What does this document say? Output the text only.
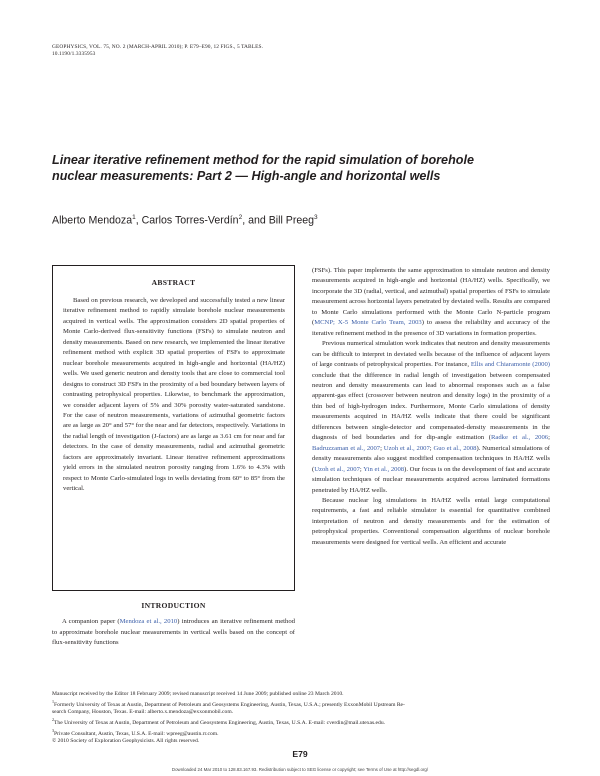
GEOPHYSICS, VOL. 75, NO. 2 (MARCH-APRIL 2010); P. E79–E90, 12 FIGS., 5 TABLES.
10.1190/1.3335953
Linear iterative refinement method for the rapid simulation of borehole
nuclear measurements: Part 2 — High-angle and horizontal wells
Alberto Mendoza$^1$, Carlos Torres-Verdín$^2$, and Bill Preeg$^3$
ABSTRACT

Based on previous research, we developed and successfully tested a new linear iterative refinement method to rapidly simulate borehole nuclear measurements acquired in vertical wells. The approximation considers 2D spatial properties of Monte Carlo-derived flux-sensitivity functions (FSFs) to simulate neutron and density measurements. Based on new research, we implemented the linear iterative refinement method with explicit 3D spatial properties of FSFs to approximate nuclear borehole measurements acquired in high-angle and horizontal (HA/HZ) wells. We used generic neutron and density tools that are close to commercial tool designs to construct 3D FSFs in the proximity of a bed boundary between layers of contrasting petrophysical properties. Likewise, to benchmark the approximation, we consider adjacent layers of 5% and 30% porosity water-saturated sandstone. For the case of neutron measurements, variations of azimuthal geometric factors are as large as 20° and 57° for the near and far detectors, respectively. Variations in the radial length of investigation (J-factors) are as large as 3.61 cm for near and far detectors. In the case of density measurements, radial and azimuthal geometric factors are approximately invariant. Linear iterative refinement approximations yield errors in the simulated neutron porosity ranging from 1.6% to 4.3% with respect to Monte Carlo-simulated logs in wells deviating from 60° to 85° from the vertical.

INTRODUCTION

A companion paper (Mendoza et al., 2010) introduces an iterative refinement method to approximate borehole nuclear measurements in vertical wells based on the concept of flux-sensitivity functions

(FSFs). This paper implements the same approximation to simulate neutron and density measurements acquired in high-angle and horizontal (HA/HZ) wells. Specifically, we incorporate the 3D (radial, vertical, and azimuthal) spatial properties of FSFs to simulate measurement across horizontal layers penetrated by deviated wells. Results are compared to Monte Carlo simulations performed with the Monte Carlo N-particle program (MCNP; X-5 Monte Carlo Team, 2003) to assess the reliability and accuracy of the iterative refinement method in the presence of 3D variations in formation properties.

Previous numerical simulation work indicates that neutron and density measurements can be difficult to interpret in deviated wells because of the influence of adjacent layers of large contrasts of petrophysical properties. For instance, Ellis and Chiaramonte (2000) conclude that the difference in radial length of investigation between compensated neutron and density measurements can lead to abnormal responses such as a false apparent-gas effect (crossover between neutron and density logs) in the proximity of a thin bed of high-hydrogen index. Furthermore, Monte Carlo simulations of density measurements acquired in HA/HZ wells indicate that there could be significant differences between single-detector and compensated-density measurements in the diagnosis of bed boundaries and for dip-angle estimation (Radke et al., 2006; Badruzzaman et al., 2007; Uzoh et al., 2007; Guo et al., 2008). Numerical simulations of density measurements also suggest modified compensation techniques in HA/HZ wells (Uzoh et al., 2007; Yin et al., 2008). Our focus is on the development of fast and accurate simulation techniques of nuclear measurements acquired across laminated formations penetrated by HA/HZ wells.

Because nuclear log simulations in HA/HZ wells entail large computational requirements, a fast and reliable simulator is essential for quantitative combined interpretation of neutron and density measurements and for the estimation of petrophysical properties. Conventional compensation algorithms of nuclear borehole measurements were designed for vertical wells. An efficient and accurate

Manuscript received by the Editor 18 February 2009; revised manuscript received 14 June 2009; published online 23 March 2010.
$^1$Formerly University of Texas at Austin, Department of Petroleum and Geosystems Engineering, Austin, Texas, U.S.A.; presently ExxonMobil Upstream Re-
search Company, Houston, Texas. E-mail: alberto.x.mendoza@exxonmobil.com.
$^2$The University of Texas at Austin, Department of Petroleum and Geosystems Engineering, Austin, Texas, U.S.A. E-mail: cverdin@mail.utexas.edu.
$^3$Private Consultant, Austin, Texas, U.S.A. E-mail: wpreeg@austin.rr.com.
© 2010 Society of Exploration Geophysicists. All rights reserved.
E79
Downloaded 24 Mar 2010 to 128.83.167.93. Redistribution subject to SEG license or copyright; see Terms of Use at http://segdl.org/
